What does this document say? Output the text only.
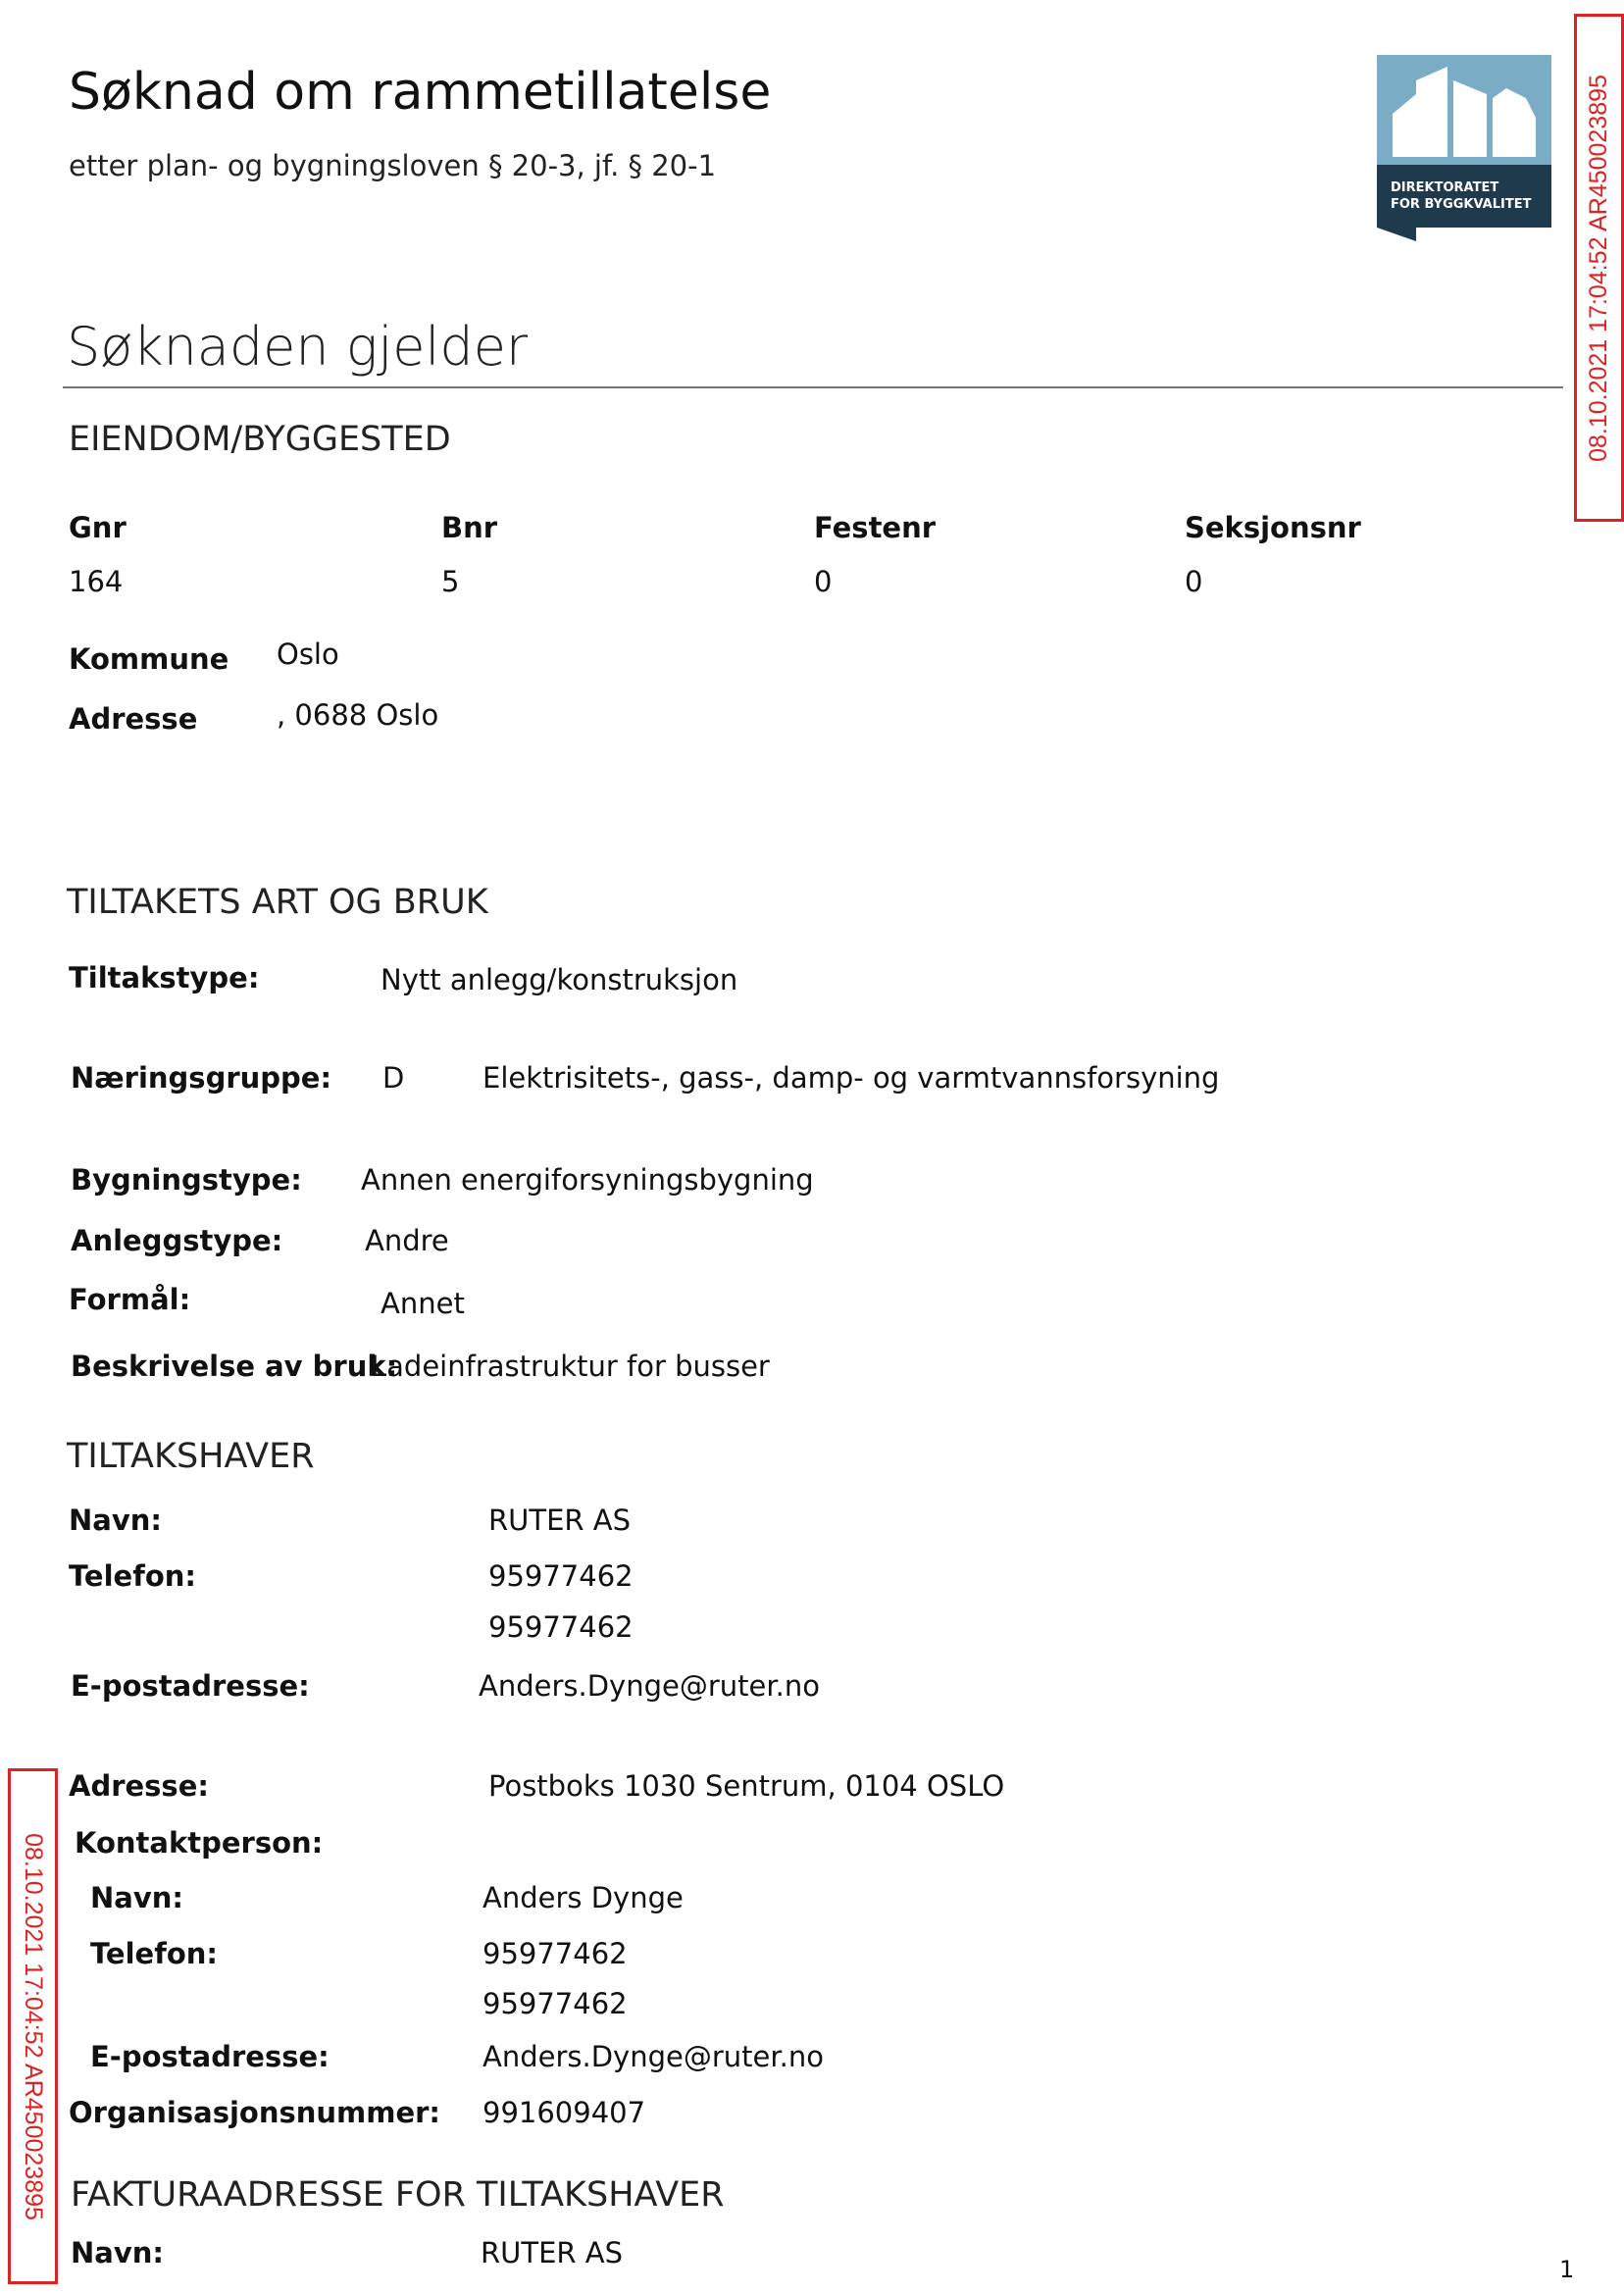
Søknad om rammetillatelse
etter plan- og bygningsloven § 20-3, jf. § 20-1
DIREKTORATET
FOR BYGGKVALITET 08.10.2021 17:04:52 AR450023895
08.10.2021 17:04:52 AR450023895
Søknaden gjelder
EIENDOM/BYGGESTED
Gnr	Bnr	Festenr	Seksjonsnr
164	5	0	0
Kommune Oslo
Adresse	, 0688 Oslo
TILTAKETS ART OG BRUK
Tiltakstype:	Nytt anlegg/konstruksjon
Næringsgruppe: D	Elektrisitets-, gass-, damp- og varmtvannsforsyning
Bygningstype: Annen energiforsyningsbygning
Anleggstype:	Andre
Formål:	Annet
Beskrivelse av bruk:
Ladeinfrastruktur for busser
TILTAKSHAVER
Navn:	RUTER AS
Telefon:	95977462
95977462
E-postadresse:	Anders.Dynge@ruter.no
Adresse:	Postboks 1030 Sentrum, 0104 OSLO
Kontaktperson:
Navn:	Anders Dynge
Telefon:	95977462
95977462
E-postadresse:	Anders.Dynge@ruter.no
Organisasjonsnummer: 991609407
FAKTURAADRESSE FOR TILTAKSHAVER
Navn:	RUTER AS	1
